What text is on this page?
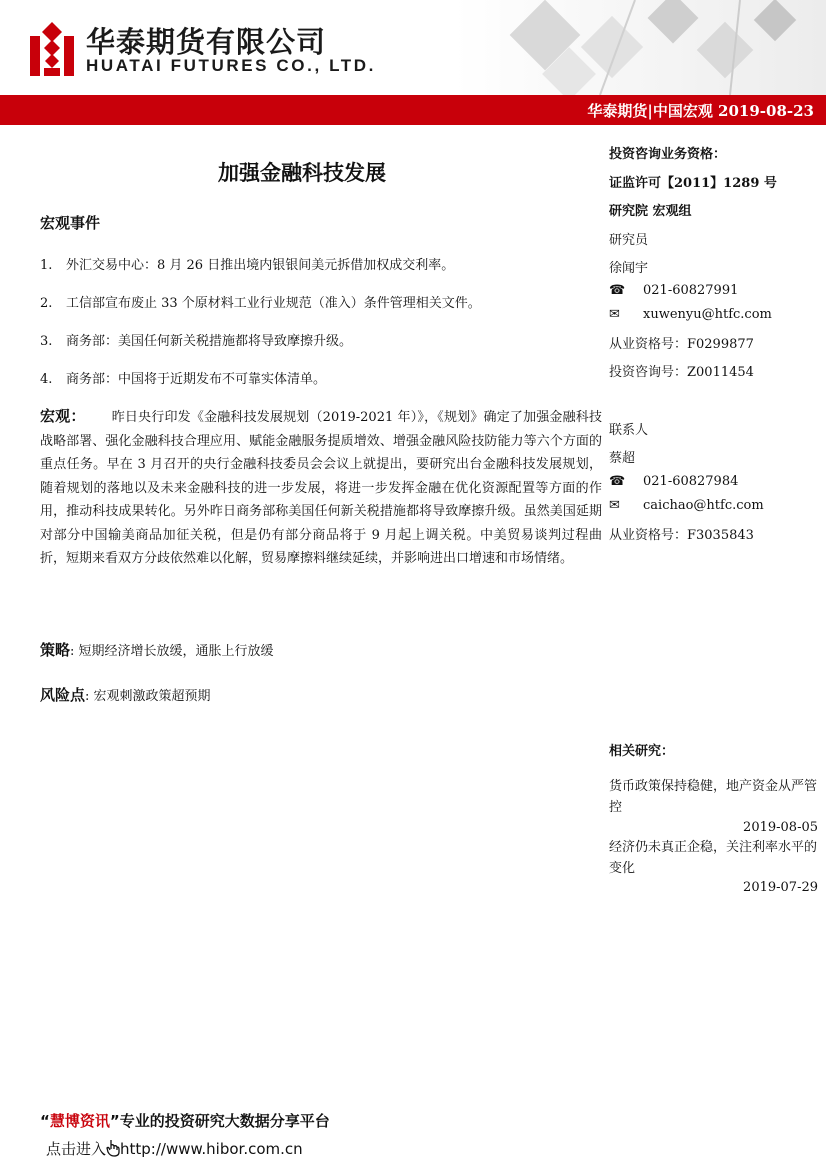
华泰期货有限公司
HUATAI FUTURES CO., LTD.
华泰期货|中国宏观 2019-08-23
加强金融科技发展
宏观事件
1. 外汇交易中心：8 月 26 日推出境内银银间美元拆借加权成交利率。
2. 工信部宣布废止 33 个原材料工业行业规范（准入）条件管理相关文件。
3. 商务部：美国任何新关税措施都将导致摩擦升级。
4. 商务部：中国将于近期发布不可靠实体清单。

宏观： 昨日央行印发《金融科技发展规划（2019-2021 年）》，《规划》确定了加强金融科技战略部署、强化金融科技合理应用、赋能金融服务提质增效、增强金融风险技防能力等六个方面的重点任务。早在 3 月召开的央行金融科技委员会会议上就提出，要研究出台金融科技发展规划，随着规划的落地以及未来金融科技的进一步发展，将进一步发挥金融在优化资源配置等方面的作用，推动科技成果转化。另外昨日商务部称美国任何新关税措施都将导致摩擦升级。虽然美国延期对部分中国输美商品加征关税，但是仍有部分商品将于 9 月起上调关税。中美贸易谈判过程曲折，短期来看双方分歧依然难以化解，贸易摩擦料继续延续，并影响进出口增速和市场情绪。

策略: 短期经济增长放缓，通胀上行放缓
风险点: 宏观刺激政策超预期
投资咨询业务资格：
证监许可【2011】1289 号
研究院 宏观组
研究员
徐闻宇
☎ 021-60827991
✉ xuwenyu@htfc.com
从业资格号：F0299877
投资咨询号：Z0011454
联系人
蔡超
☎ 021-60827984
✉ caichao@htfc.com
从业资格号：F3035843
相关研究：
货币政策保持稳健，地产资金从严管控
2019-08-05
经济仍未真正企稳，关注利率水平的变化
2019-07-29
“慧博资讯”专业的投资研究大数据分享平台
点击进入 http://www.hibor.com.cn
